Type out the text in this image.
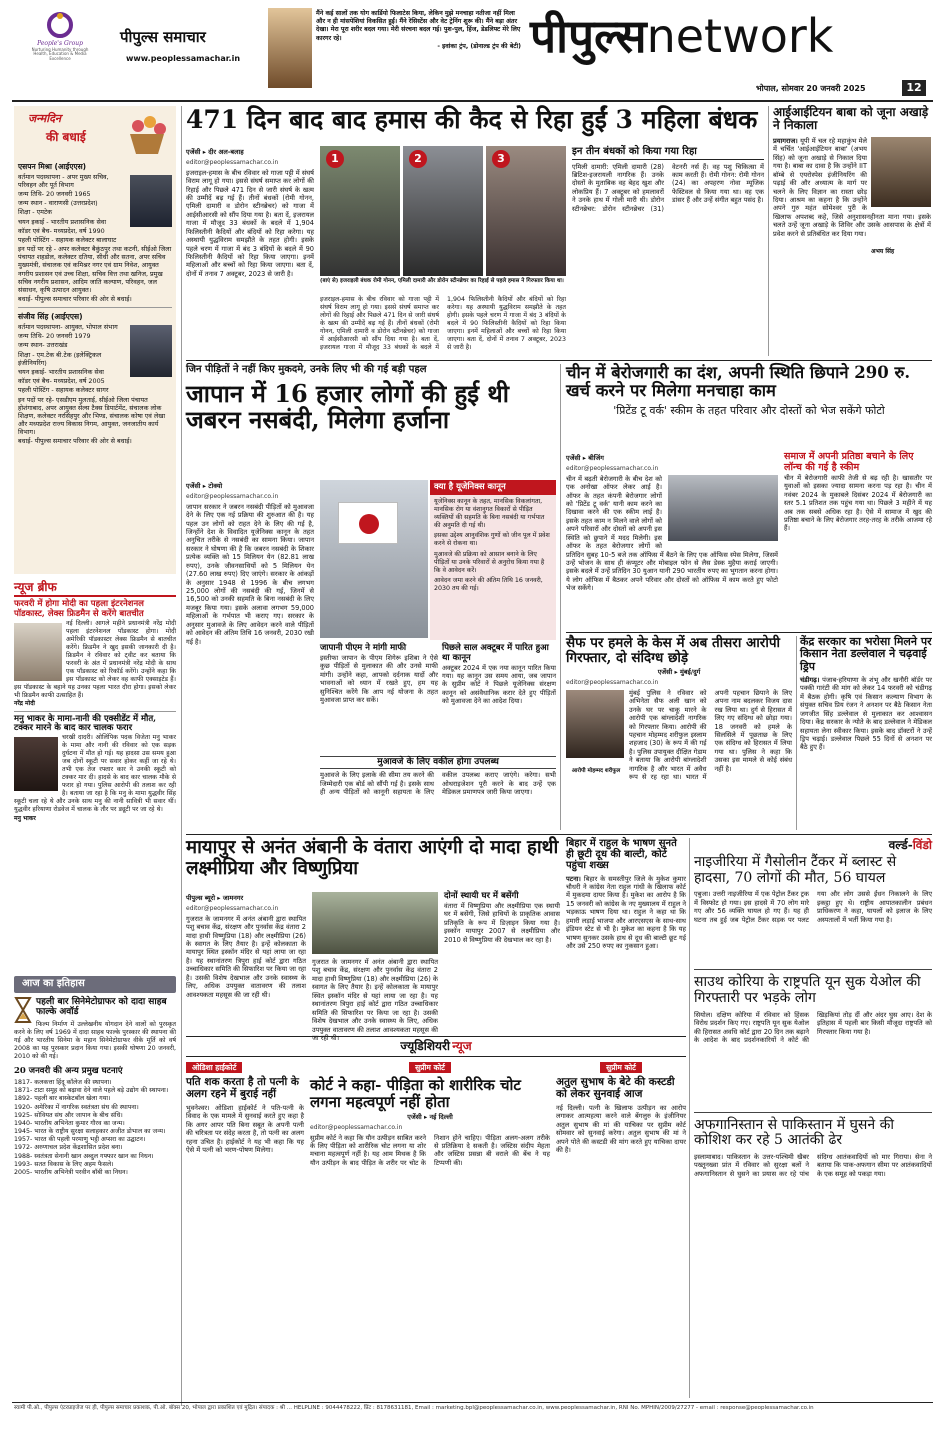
People's Group
Nurturing Humanity through Health, Education & Media Excellence
पीपुल्स समाचार
www.peoplessamachar.in
मैंने कई सालों तक योग कार्डियो फिलाटेस किया, लेकिन मुझे मनचाहा नतीजा नहीं मिला और न ही मांसपेशियां विकसित हुईं। मैंने रेसिस्टेंस और वेट ट्रेनिंग शुरू की। मैंने बड़ा अंतर देखा। मेरा पूरा शरीर बदल गया। मेरी संरचना बदल गई। पुश-पुल, हिंज, डेडलिफ्ट मेरे लिए कारगर रहे।
- इवांका ट्रंप, (डोनाल्ड ट्रंप की बेटी) पीपुल्सnetwork
भोपाल, सोमवार 20 जनवरी 2025	12
जन्मदिन
की बधाई

एसपन मिश्रा (आईएएस)

वर्तमान पदस्थापना - अपर मुख्य सचिव, परिवहन और पूर्त विभाग

जन्म तिथि- 20 जनवरी 1965

जन्म स्थान - वाराणसी (उत्तरप्रदेश)

शिक्षा - एमटेक

चयन इकाई - भारतीय प्रशासनिक सेवा

कॉडर एवं बैच- मध्यप्रदेश, वर्ष 1990

पहली पोस्टिंग - सहायक कलेक्टर बालाघाट

इन पदों पर रहे - अपर कलेक्टर बैकुंठपुर तथा कटनी, सीईओ जिला पंचायत शहडोल, कलेक्टर दतिया, सीधी और सतना, अपर सचिव मुख्यमंत्री, संचालक एवं कमिश्नर नगर एवं ग्राम निवेश, आयुक्त नगरीय प्रशासन एवं उच्च शिक्षा, सचिव वित्त तथा खनिज, प्रमुख सचिव नगरीय प्रशासन, आदिम जाति कल्याण, परिवहन, जल संसाधन, कृषि उत्पादन आयुक्त।

बधाई- पीपुल्स समाचार परिवार की ओर से बधाई।

संजीव सिंह (आईएएस)

वर्तमान पदस्थापना- आयुक्त, भोपाल संभाग

जन्म तिथि- 20 जनवरी 1979

जन्म स्थान- उत्तराखंड

शिक्षा - एम.टेक बी.टेक (इलेक्ट्रिकल इंजीनियरिंग)

चयन इकाई- भारतीय प्रशासनिक सेवा

कॉडर एवं बैच- मध्यप्रदेश, वर्ष 2005

पहली पोस्टिंग - सहायक कलेक्टर सागर

इन पदों पर रहे- एसडीएम मुलताई, सीईओ जिला पंचायत होशंगाबाद, अपर आयुक्त सेल्स टैक्स डिपार्टमेंट, संचालक लोक शिक्षण, कलेक्टर नरसिंहपुर और भिण्ड, संचालक कोषा एवं लेखा और मध्यप्रदेश राज्य विकास निगम, आयुक्त, जनजातीय कार्य विभाग।

बधाई- पीपुल्स समाचार परिवार की ओर से बधाई।

न्यूज ब्रीफ
फरवरी में होगा मोदी का पहला इंटरनेशनल पॉडकास्ट, लेक्स फ्रिडमैन से करेंगे बातचीत
नई दिल्ली। आगले महीने प्रधानमंत्री नरेंद्र मोदी पहला इंटरनेशनल पॉडकास्ट होगा। मोदी अमेरिकी पॉडकास्टर लेक्स फ्रिडमैन से बातचीत करेंगे। फ्रिडमैन ने खुद इसकी जानकारी दी है। फ्रिडमैन ने रविवार को ट्वीट कर बताया कि फरवरी के अंत में प्रधानमंत्री नरेंद्र मोदी के साथ एक पॉडकास्ट को रिकॉर्ड करेंगे। उन्होंने कहा कि इस पॉडकास्ट को लेकर वह काफी एक्साइटेड हैं। इस पॉडकास्ट के बहाने यह उनका पहला भारत दौरा होगा। इसको लेकर भी फ्रिडमैन काफी उत्साहित हैं।
नरेंद्र मोदी
मनु भाकर के मामा-नानी की एक्सीडेंट में मौत, टक्कर मारने के बाद कार चालक फरार
चरखी दादरी। ओलिंपिक पदक विजेता मनु भाकर के मामा और नानी की रविवार को एक सड़क दुर्घटना में मौत हो गई। यह हादसा उस समय हुआ जब दोनों स्कूटी पर सवार होकर कहीं जा रहे थे। तभी एक तेज रफ्तार कार ने उनकी स्कूटी को टक्कर मार दी। हादसे के बाद कार चालक मौके से फरार हो गया। पुलिस आरोपी की तलाश कर रही है। बताया जा रहा है कि मनु के मामा युद्धवीर सिंह स्कूटी चला रहे थे और उनके साथ मनु की नानी सावित्री भी सवार थीं। युद्धवीर हरियाणा रोडवेज में चालक के तौर पर ड्यूटी पर जा रहे थे।
मनु भाकर
आज का इतिहास
पहली बार सिनेमेटोग्राफर को दादा साहब फाल्के अवॉर्ड
फिल्म निर्माण में उल्लेखनीय योगदान देने वालों को पुरस्कृत करने के लिए वर्ष 1969 में दादा साहब फाल्के पुरस्कार की स्थापना की गई और भारतीय सिनेमा के महान सिनेमेटोग्राफर वीके मूर्ति को वर्ष 2008 का यह पुरस्कार प्रदान किया गया। इसकी घोषणा 20 जनवरी, 2010 को की गई।
20 जनवरी की अन्य प्रमुख घटनाएं
1817- कलकत्ता हिंदू कॉलेज की स्थापना।
1871- टाटा समूह को बढ़ावा देने वाले पहले बड़े उद्योग की स्थापना।
1892- पहली बार बास्केटबॉल खेला गया।
1920- अमेरिका में नागरिक स्वतंत्रता संघ की स्थापना।
1925- सोवियत संघ और जापान के बीच संधि।
1940- भारतीय अभिनेता कुमार गौरव का जन्म।
1945- भारत के राष्ट्रीय सुरक्षा सलाहकार अजीत डोभाल का जन्म।
1957- भारत की पहली परमाणु भट्ठी अप्सरा का उद्घाटन।
1972- अरुणाचल प्रदेश केंद्रशासित प्रदेश बना।
1988- स्वतंत्रता सेनानी खान अब्दुल गफ्फार खान का निधन।
1993- सतत विकास के लिए अहम फैसले।
2005- भारतीय अभिनेत्री परवीन बॉबी का निधन।
471 दिन बाद बाद हमास की कैद से रिहा हुईं 3 महिला बंधक
एजेंसी ▸ दीर अल-बलाह
editor@peoplessamachar.co.in
इजराइल-हमास के बीच रविवार को गाजा पट्टी में संघर्ष विराम लागू हो गया। इससे संघर्ष समाप्त कर लोगों की रिहाई और पिछले 471 दिन से जारी संघर्ष के खत्म की उम्मीदें बढ़ गई हैं। तीनों बंधकों (रोमी गोनन, एमिली दामारी व डोरोन स्टीनब्रेचर) को गाजा में आईसीआरसी को सौंप दिया गया है। बता दें, इजरायल गाजा में मौजूद 33 बंधकों के बदले में 1,904 फिलिस्तीनी कैदियों और बंदियों को रिहा करेगा। यह अस्थायी युद्धविराम समझौते के तहत होगी। इसके पहले चरण में गाजा में बंद 3 बंदियों के बदले में 90 फिलिस्तीनी कैदियों को रिहा किया जाएगा। इनमें महिलाओं और बच्चों को रिहा किया जाएगा। बता दें, दोनों में तनाव 7 अक्टूबर, 2023 से जारी है।
1	2	3
(बाएं से) इजराइली बंधक रोमी गोनन, एमिली दामारी और डोरोन स्टीनब्रेचर का रिहाई से पहले हमास ने गिरफ्तार किया था।
इजराइल-हमास के बीच रविवार को गाजा पट्टी में संघर्ष विराम लागू हो गया। इससे संघर्ष समाप्त कर लोगों की रिहाई और पिछले 471 दिन से जारी संघर्ष के खत्म की उम्मीदें बढ़ गई हैं। तीनों बंधकों (रोमी गोनन, एमिली दामारी व डोरोन स्टीनब्रेचर) को गाजा में आईसीआरसी को सौंप दिया गया है। बता दें, इजरायल गाजा में मौजूद 33 बंधकों के बदले में 1,904 फिलिस्तीनी कैदियों और बंदियों को रिहा करेगा। यह अस्थायी युद्धविराम समझौते के तहत होगी। इसके पहले चरण में गाजा में बंद 3 बंदियों के बदले में 90 फिलिस्तीनी कैदियों को रिहा किया जाएगा। इनमें महिलाओं और बच्चों को रिहा किया जाएगा। बता दें, दोनों में तनाव 7 अक्टूबर, 2023 से जारी है।
इन तीन बंधकों को किया गया रिहा
एमिली दामारी: एमिली दामारी (28) ब्रिटिश-इजरायली नागरिक हैं। उनके दोस्तों के मुताबिक वह बेहद खुश और लोकप्रिय हैं। 7 अक्टूबर को हमलावरों ने उनके हाथ में गोली मारी थी। डोरोन स्टीनब्रेचर: डोरोन स्टीनब्रेचर (31) वेटनरी नर्स हैं। वह पशु चिकित्सा में काम करती हैं। रोमी गोनन: रोमी गोनन (24) का अपहरण नोवा म्यूजिक फेस्टिवल से किया गया था। वह एक डांसर हैं और उन्हें संगीत बहुत पसंद है।
आईआईटियन बाबा को जूना अखाड़े ने निकाला
प्रयागराज। यूपी में चल रहे महाकुंभ मेले में चर्चित 'आईआईटियन बाबा' (अभय सिंह) को जूना अखाड़े से निकाल दिया गया है। बाबा का दावा है कि उन्होंने IIT बॉम्बे से एयरोस्पेस इंजीनियरिंग की पढ़ाई की और अध्यात्म के मार्ग पर चलने के लिए विज्ञान का रास्ता छोड़ दिया। आश्रम का कहना है कि उन्होंने अपने गुरु महंत सोमेश्वर पुरी के खिलाफ अपशब्द कहे, जिसे अनुशासनहीनता माना गया। इसके चलते उन्हें जूना अखाड़े के शिविर और उसके आसपास के क्षेत्रों में प्रवेश करने से प्रतिबंधित कर दिया गया।
अभय सिंह
जिन पीड़ितों ने नहीं किए मुकदमे, उनके लिए भी की गई बड़ी पहल
जापान में 16 हजार लोगों की हुई थी जबरन नसबंदी, मिलेगा हर्जाना
एजेंसी ▸ टोक्यो
editor@peoplessamachar.co.in
जापान सरकार ने जबरन नसबंदी पीड़ितों को मुआवजा देने के लिए एक नई प्रक्रिया की शुरुआत की है। यह पहल उन लोगों को राहत देने के लिए की गई है, जिन्होंने देश के विवादित यूजेनिक्स कानून के तहत अनुचित तरीके से नसबंदी का सामना किया। जापान सरकार ने घोषणा की है कि जबरन नसबंदी के शिकार प्रत्येक व्यक्ति को 15 मिलियन येन (82.81 लाख रुपए), उनके जीवनसाथियों को 5 मिलियन येन (27.60 लाख रुपए) दिए जाएंगे। सरकार के आंकड़ों के अनुसार 1948 से 1996 के बीच लगभग 25,000 लोगों की नसबंदी की गई, जिनमें से 16,500 को उनकी सहमति के बिना नसबंदी के लिए मजबूर किया गया। इसके अलावा लगभग 59,000 महिलाओं के गर्भपात भी कराए गए। सरकार के अनुसार मुआवजे के लिए आवेदन करने वाले पीड़ितों को आवेदन की अंतिम तिथि 16 जनवरी, 2030 रखी गई है।
क्या है यूजेनिक्स कानून
यूजेनिक्स कानून के तहत, मानसिक विकलांगता, मानसिक रोग या वंशानुगत विकारों से पीड़ित व्यक्तियों की सहमति के बिना नसबंदी या गर्भपात की अनुमति दी गई थी।
इसका उद्देश्य आनुवंशिक गुणों को जीन पूल में प्रवेश करने से रोकना था।
मुआवजे की प्रक्रिया को आसान बनाने के लिए पीड़ितों या उनके परिवारों से अनुरोध किया गया है कि वे आवेदन करें।
आवेदन जमा करने की अंतिम तिथि 16 जनवरी, 2030 तय की गई।
जापानी पीएम ने मांगी माफी
इस्तीफा जापान के पीएम शिगेरू इशिबा ने ऐसे कुछ पीड़ितों से मुलाकात की और उनसे माफी मांगी। उन्होंने कहा, आपको दर्दनाक यादों और भावनाओं को ध्यान में रखते हुए, हम यह सुनिश्चित करेंगे कि आप नई योजना के तहत मुआवजा प्राप्त कर सकें।
पिछले साल अक्टूबर में पारित हुआ था कानून
अक्टूबर 2024 में एक नया कानून पारित किया गया। यह कानून उस समय आया, जब जापान के सुप्रीम कोर्ट ने पिछले यूजेनिक्स संरक्षण कानून को असंवैधानिक करार देते हुए पीड़ितों को मुआवजा देने का आदेश दिया।
मुआवजे के लिए वकील होगा उपलब्ध
मुआवजे के लिए इलाके की सीमा तय करने की जिम्मेदारी एक बोर्ड को सौंपी गई है। इसके साथ ही अन्य पीड़ितों को कानूनी सहायता के लिए वकील उपलब्ध कराए जाएंगे। करेगा। सभी ओथराइजेशन पूरी करने के बाद उन्हें एक मेडिकल प्रमाणपत्र जारी किया जाएगा।
चीन में बेरोजगारी का दंश, अपनी स्थिति छिपाने 290 रु. खर्च करने पर मिलेगा मनचाहा काम
'प्रिटेंड टू वर्क' स्कीम के तहत परिवार और दोस्तों को भेज सकेंगे फोटो
एजेंसी ▸ बीजिंग
editor@peoplessamachar.co.in
चीन में बढ़ती बेरोजगारी के बीच देश को एक अनोखा ऑफर लेकर आई है। ऑफर के तहत कंपनी बेरोजगार लोगों को 'प्रिटेंड टू वर्क' यानी काम करने का दिखावा करने की एक स्कीम लाई है। इसके तहत काम न मिलने वाले लोगों को अपने परिवारों और दोस्तों को अपनी इस स्थिति को छुपाने में मदद मिलेगी। इस ऑफर के तहत बेरोजगार लोगों को प्रतिदिन सुबह 10-5 बजे तक ऑफिस में बैठने के लिए एक ऑफिस स्पेस मिलेगा, जिसमें उन्हें भोजन के साथ ही कंप्यूटर और मोबाइल फोन से लैस डेस्क मुहैया कराई जाएगी। इसके बदले में उन्हें प्रतिदिन 30 युआन यानी 290 भारतीय रुपए का भुगतान करना होगा। ये लोग ऑफिस में बैठकर अपने परिवार और दोस्तों को ऑफिस में काम करते हुए फोटो भेज सकेंगे।
समाज में अपनी प्रतिष्ठा बचाने के लिए लॉन्च की गई है स्कीम
चीन में बेरोजगारी काफी तेजी से बढ़ रही है। खासतौर पर युवाओं को इसका ज्यादा सामना करना पड़ रहा है। चीन में नवंबर 2024 के मुकाबले दिसंबर 2024 में बेरोजगारी का स्तर 5.1 प्रतिशत तक पहुंच गया था। पिछले 3 महीने में यह अब तक सबसे अधिक रहा है। ऐसे में सामाज में खुद की प्रतिष्ठा बचाने के लिए बेरोजगार तरह-तरह के तरीके आजमा रहे हैं।
सैफ पर हमले के केस में अब तीसरा आरोपी गिरफ्तार, दो संदिग्ध छोड़े
एजेंसी ▸ मुंबई/दुर्ग
editor@peoplessamachar.co.in
मुंबई पुलिस ने रविवार को अभिनेता सैफ अली खान को उनके घर पर चाकू मारने के आरोपी एक बांग्लादेशी नागरिक को गिरफ्तार किया। आरोपी की पहचान मोहम्मद शरीफुल इस्लाम शहजाद (30) के रूप में की गई है। पुलिस उपायुक्त दीक्षित गेडाम ने बताया कि आरोपी बांग्लादेशी नागरिक है और भारत में अवैध रूप से रह रहा था। भारत में अपनी पहचान छिपाने के लिए अपना नाम बदलकर विजय दास रख लिया था। दुर्ग से हिरासत में लिए गए संदिग्ध को छोड़ा गया। 18 जनवरी को हमले के सिलसिले में पूछताछ के लिए एक संदिग्ध को हिरासत में लिया गया था। पुलिस ने कहा कि उसका इस मामले से कोई संबंध नहीं है।
आरोपी मोहम्मद शरीफुल
केंद्र सरकार का भरोसा मिलने पर किसान नेता डल्लेवाल ने चढ़वाई ड्रिप
चंडीगढ़। पंजाब-हरियाणा के शंभू और खनौरी बॉर्डर पर पक्की गारंटी की मांग को लेकर 14 फरवरी को चंडीगढ़ में बैठक होगी। कृषि एवं किसान कल्याण विभाग के संयुक्त सचिव प्रिय रंजन ने अनशन पर बैठे किसान नेता जगजीत सिंह डल्लेवाल से मुलाकात कर आश्वासन दिया। केंद्र सरकार के न्योते के बाद डल्लेवाल ने मेडिकल सहायता लेना स्वीकार किया। इसके बाद डॉक्टरों ने उन्हें ड्रिप चढ़ाई। डल्लेवाल पिछले 55 दिनों से अनशन पर बैठे हुए हैं।
मायापुर से अनंत अंबानी के वंतारा आएंगी दो मादा हाथी लक्ष्मीप्रिया और विष्णुप्रिया
पीपुल्स ब्यूरो ▸ जामनगर
editor@peoplessamachar.co.in
गुजरात के जामनगर में अनंत अंबानी द्वारा स्थापित पशु बचाव केंद्र, संरक्षण और पुनर्वास केंद्र वंतारा 2 मादा हाथी विष्णुप्रिया (18) और लक्ष्मीप्रिया (26) के स्वागत के लिए तैयार है। इन्हें कोलकाता के मायापुर स्थित इस्कॉन मंदिर से यहां लाया जा रहा है। यह स्थानांतरण त्रिपुरा हाई कोर्ट द्वारा गठित उच्चाधिकार समिति की सिफारिश पर किया जा रहा है। उसकी विशेष देखभाल और उनके स्वास्थ्य के लिए, अधिक उपयुक्त वातावरण की तलाश आवश्यकता महसूस की जा रही थी।
गुजरात के जामनगर में अनंत अंबानी द्वारा स्थापित पशु बचाव केंद्र, संरक्षण और पुनर्वास केंद्र वंतारा 2 मादा हाथी विष्णुप्रिया (18) और लक्ष्मीप्रिया (26) के स्वागत के लिए तैयार है। इन्हें कोलकाता के मायापुर स्थित इस्कॉन मंदिर से यहां लाया जा रहा है। यह स्थानांतरण त्रिपुरा हाई कोर्ट द्वारा गठित उच्चाधिकार समिति की सिफारिश पर किया जा रहा है। उसकी विशेष देखभाल और उनके स्वास्थ्य के लिए, अधिक उपयुक्त वातावरण की तलाश आवश्यकता महसूस की जा रही थी।
दोनों स्थायी घर में बसेंगी
वंतारा में विष्णुप्रिया और लक्ष्मीप्रिया एक स्थायी घर में बसेंगी, जिसे हाथियों के प्राकृतिक आवास प्रतिकृति के रूप में डिज़ाइन किया गया है। इस्कॉन मायापुर 2007 से लक्ष्मीप्रिया और 2010 से विष्णुप्रिया की देखभाल कर रहा है।
बिहार में राहुल के भाषण सुनते ही छूटी दूध की बाल्टी, कोर्ट पहुंचा शख्स
पटना। बिहार के समस्तीपुर जिले के मुकेश कुमार चौधरी ने कांग्रेस नेता राहुल गांधी के खिलाफ कोर्ट में मुकदमा दायर किया है। मुकेश का आरोप है कि 15 जनवरी को कांग्रेस के नए मुख्यालय में राहुल ने भड़काऊ भाषण दिया था। राहुल ने कहा था कि हमारी लड़ाई भाजपा और आरएसएस के साथ-साथ इंडियन स्टेट से भी है। मुकेश का कहना है कि यह भाषण सुनकर उसके हाथ से दूध की बाल्टी छूट गई और उसे 250 रुपए का नुकसान हुआ।
वर्ल्ड-विंडो
नाइजीरिया में गैसोलीन टैंकर में ब्लास्ट से हादसा, 70 लोगों की मौत, 56 घायल
एबुजा। उत्तरी नाइजीरिया में एक पेट्रोल टैंकर ट्रक में विस्फोट हो गया। इस हादसे में 70 लोग मारे गए और 56 व्यक्ति घायल हो गए हैं। यह ही घटना तब हुई जब पेट्रोल टैंकर सड़क पर पलट गया और लोग उससे ईंधन निकालने के लिए इकट्ठा हुए थे। राष्ट्रीय आपातकालीन प्रबंधन प्राधिकरण ने कहा, घायलों को इलाज के लिए अस्पतालों में भर्ती किया गया है।
साउथ कोरिया के राष्ट्रपति यून सुक येओल की गिरफ्तारी पर भड़के लोग
सियोल। दक्षिण कोरिया में रविवार को हिंसक विरोध प्रदर्शन किए गए। राष्ट्रपति यून सुक येओल की हिरासत अवधि कोर्ट द्वारा 20 दिन तक बढ़ाने के आदेश के बाद प्रदर्शनकारियों ने कोर्ट की खिड़कियां तोड़ दीं और अंदर घुस आए। देश के इतिहास में पहली बार किसी मौजूदा राष्ट्रपति को गिरफ्तार किया गया है।
अफगानिस्तान से पाकिस्तान में घुसने की कोशिश कर रहे 5 आतंकी ढेर
इस्लामाबाद। पाकिस्तान के उत्तर-पश्चिमी खैबर पख्तूनख्वा प्रांत में रविवार को सुरक्षा बलों ने अफगानिस्तान से घुसने का प्रयास कर रहे पांच संदिग्ध आतंकवादियों को मार गिराया। सेना ने बताया कि पाक-अफगान सीमा पर आतंकवादियों के एक समूह को पकड़ा गया।
ज्यूडिशियरी न्यूज
ओडिशा हाईकोर्ट
पति शक करता है तो पत्नी के अलग रहने में बुराई नहीं
भुवनेश्वर। ओडिशा हाईकोर्ट ने पति-पत्नी के विवाद के एक मामले में सुनवाई करते हुए कहा है कि अगर आपर पति बिना सबूत के अपनी पत्नी की चरित्रता पर संदेह करता है, तो पत्नी का अलग रहना उचित है। हाईकोर्ट ने यह भी कहा कि यह ऐसे में पत्नी को भरण-पोषण मिलेगा।
सुप्रीम कोर्ट
कोर्ट ने कहा- पीड़िता को शारीरिक चोट लगना महत्वपूर्ण नहीं होता
एजेंसी ▸ नई दिल्ली
editor@peoplessamachar.co.in
सुप्रीम कोर्ट ने कहा कि यौन उत्पीड़न साबित करने के लिए पीड़िता को शारीरिक चोट लगना या शोर मचाना महत्वपूर्ण नहीं है। यह आम मिथक है कि यौन उत्पीड़न के बाद पीड़ित के शरीर पर चोट के निशान होने चाहिए। पीड़िता अलग-अलग तरीके से प्रतिक्रिया दे सकती है। जस्टिस संदीप मेहता और जस्टिस प्रसन्ना बी वराले की बेंच ने यह टिप्पणी की।
सुप्रीम कोर्ट
अतुल सुभाष के बेटे की कस्टडी को लेकर सुनवाई आज
नई दिल्ली। पत्नी के खिलाफ उत्पीड़न का आरोप लगाकर आत्महत्या करने वाले बेंगलुरु के इंजीनियर अतुल सुभाष की मां की याचिका पर सुप्रीम कोर्ट सोमवार को सुनवाई करेगा। अतुल सुभाष की मां ने अपने पोते की कस्टडी की मांग करते हुए याचिका दायर की है।
स्वामी पी.ओ., पीपुल्स एंटरप्राइजेज पर ही, पीपुल्स समाचार प्रकाशक, पी.ओ. बॉक्स 20, भोपाल द्वारा प्रकाशित एवं मुद्रित। संपादक : श्री ... HELPLINE : 9044478222, प्रिंट : 8178631181, Email : marketing.bpl@peoplessamachar.co.in, www.peoplessamachar.in, RNI No. MPHIN/2009/27277 - email : response@peoplessamachar.co.in
